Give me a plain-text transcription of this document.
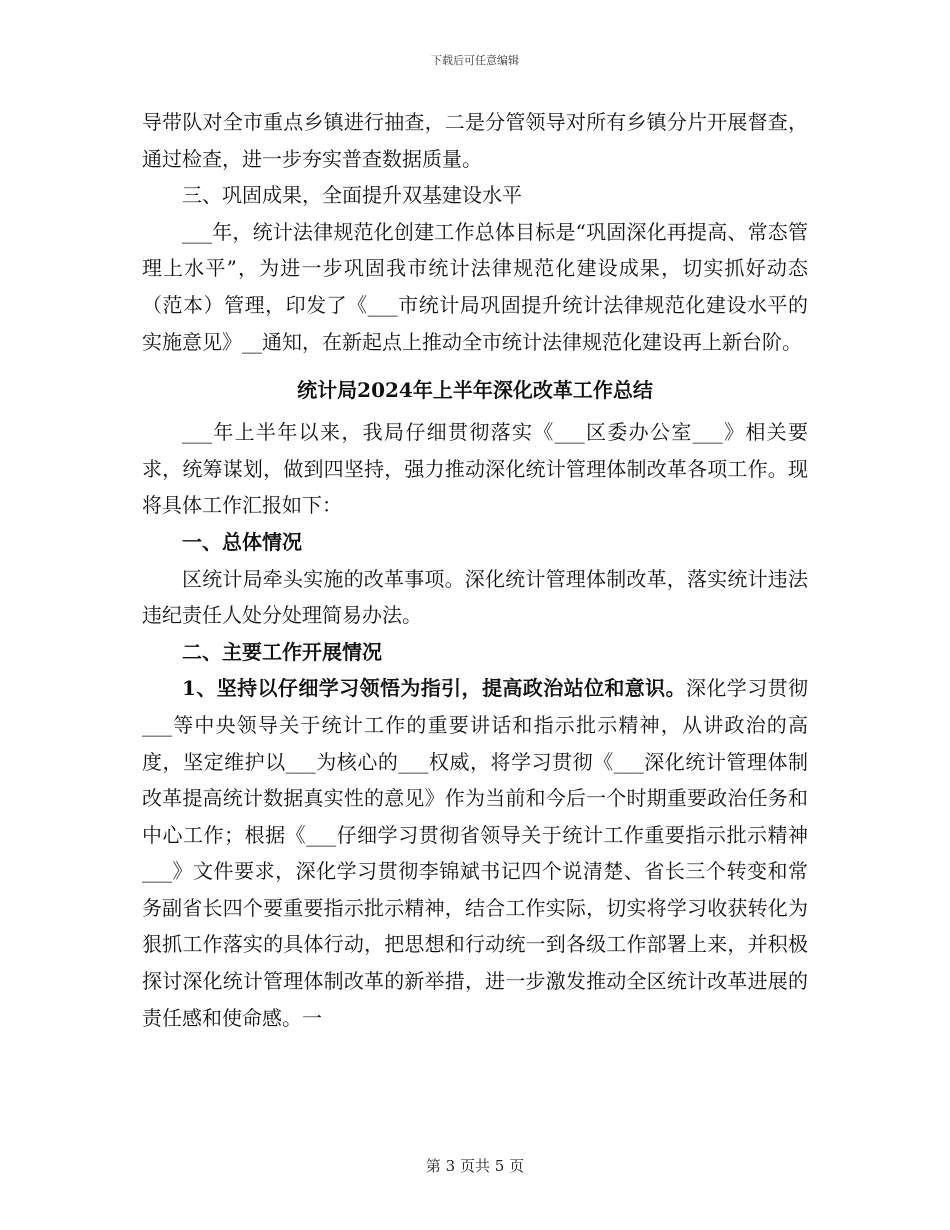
下载后可任意编辑

导带队对全市重点乡镇进行抽查，二是分管领导对所有乡镇分片开展督查，通过检查，进一步夯实普查数据质量。

三、巩固成果，全面提升双基建设水平

___年，统计法律规范化创建工作总体目标是“巩固深化再提高、常态管理上水平”，为进一步巩固我市统计法律规范化建设成果，切实抓好动态（范本）管理，印发了《___市统计局巩固提升统计法律规范化建设水平的实施意见》__通知，在新起点上推动全市统计法律规范化建设再上新台阶。

统计局2024年上半年深化改革工作总结

___年上半年以来，我局仔细贯彻落实《___区委办公室___》相关要求，统筹谋划，做到四坚持，强力推动深化统计管理体制改革各项工作。现将具体工作汇报如下：

一、总体情况

区统计局牵头实施的改革事项。深化统计管理体制改革，落实统计违法违纪责任人处分处理简易办法。

二、主要工作开展情况

1、坚持以仔细学习领悟为指引，提高政治站位和意识。深化学习贯彻___等中央领导关于统计工作的重要讲话和指示批示精神，从讲政治的高度，坚定维护以___为核心的___权威，将学习贯彻《___深化统计管理体制改革提高统计数据真实性的意见》作为当前和今后一个时期重要政治任务和中心工作；根据《___仔细学习贯彻省领导关于统计工作重要指示批示精神___》文件要求，深化学习贯彻李锦斌书记四个说清楚、省长三个转变和常务副省长四个要重要指示批示精神，结合工作实际，切实将学习收获转化为狠抓工作落实的具体行动，把思想和行动统一到各级工作部署上来，并积极探讨深化统计管理体制改革的新举措，进一步激发推动全区统计改革进展的责任感和使命感。一

第 3 页共 5 页
